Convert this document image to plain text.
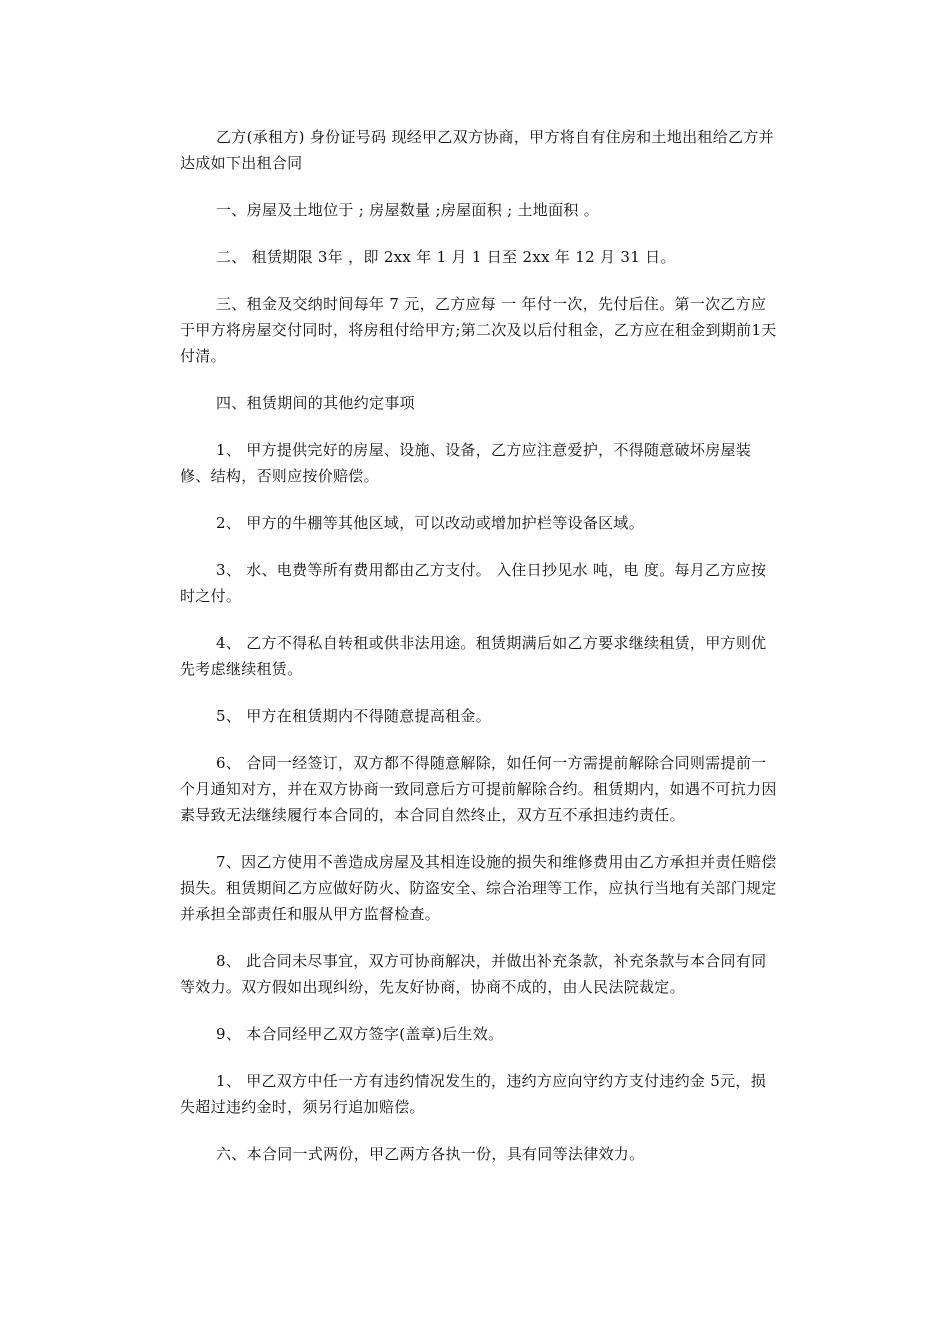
乙方(承租方) 身份证号码 现经甲乙双方协商，甲方将自有住房和土地出租给乙方并达成如下出租合同

一、房屋及土地位于 ; 房屋数量 ;房屋面积 ; 土地面积 。

二、 租赁期限 3年 ，即 2xx 年 1 月 1 日至 2xx 年 12 月 31 日。

三、租金及交纳时间每年 7 元，乙方应每 一 年付一次，先付后住。第一次乙方应于甲方将房屋交付同时，将房租付给甲方;第二次及以后付租金，乙方应在租金到期前1天付清。

四、租赁期间的其他约定事项

1、 甲方提供完好的房屋、设施、设备，乙方应注意爱护，不得随意破坏房屋装修、结构，否则应按价赔偿。

2、 甲方的牛棚等其他区域，可以改动或增加护栏等设备区域。

3、 水、电费等所有费用都由乙方支付。 入住日抄见水 吨，电 度。每月乙方应按时之付。

4、 乙方不得私自转租或供非法用途。租赁期满后如乙方要求继续租赁，甲方则优先考虑继续租赁。

5、 甲方在租赁期内不得随意提高租金。

6、 合同一经签订，双方都不得随意解除，如任何一方需提前解除合同则需提前一个月通知对方，并在双方协商一致同意后方可提前解除合约。租赁期内，如遇不可抗力因素导致无法继续履行本合同的，本合同自然终止，双方互不承担违约责任。

7、因乙方使用不善造成房屋及其相连设施的损失和维修费用由乙方承担并责任赔偿损失。租赁期间乙方应做好防火、防盗安全、综合治理等工作，应执行当地有关部门规定并承担全部责任和服从甲方监督检查。

8、 此合同未尽事宜，双方可协商解决，并做出补充条款，补充条款与本合同有同等效力。双方假如出现纠纷，先友好协商，协商不成的，由人民法院裁定。

9、 本合同经甲乙双方签字(盖章)后生效。

1、 甲乙双方中任一方有违约情况发生的，违约方应向守约方支付违约金 5元，损失超过违约金时，须另行追加赔偿。

六、本合同一式两份，甲乙两方各执一份，具有同等法律效力。
